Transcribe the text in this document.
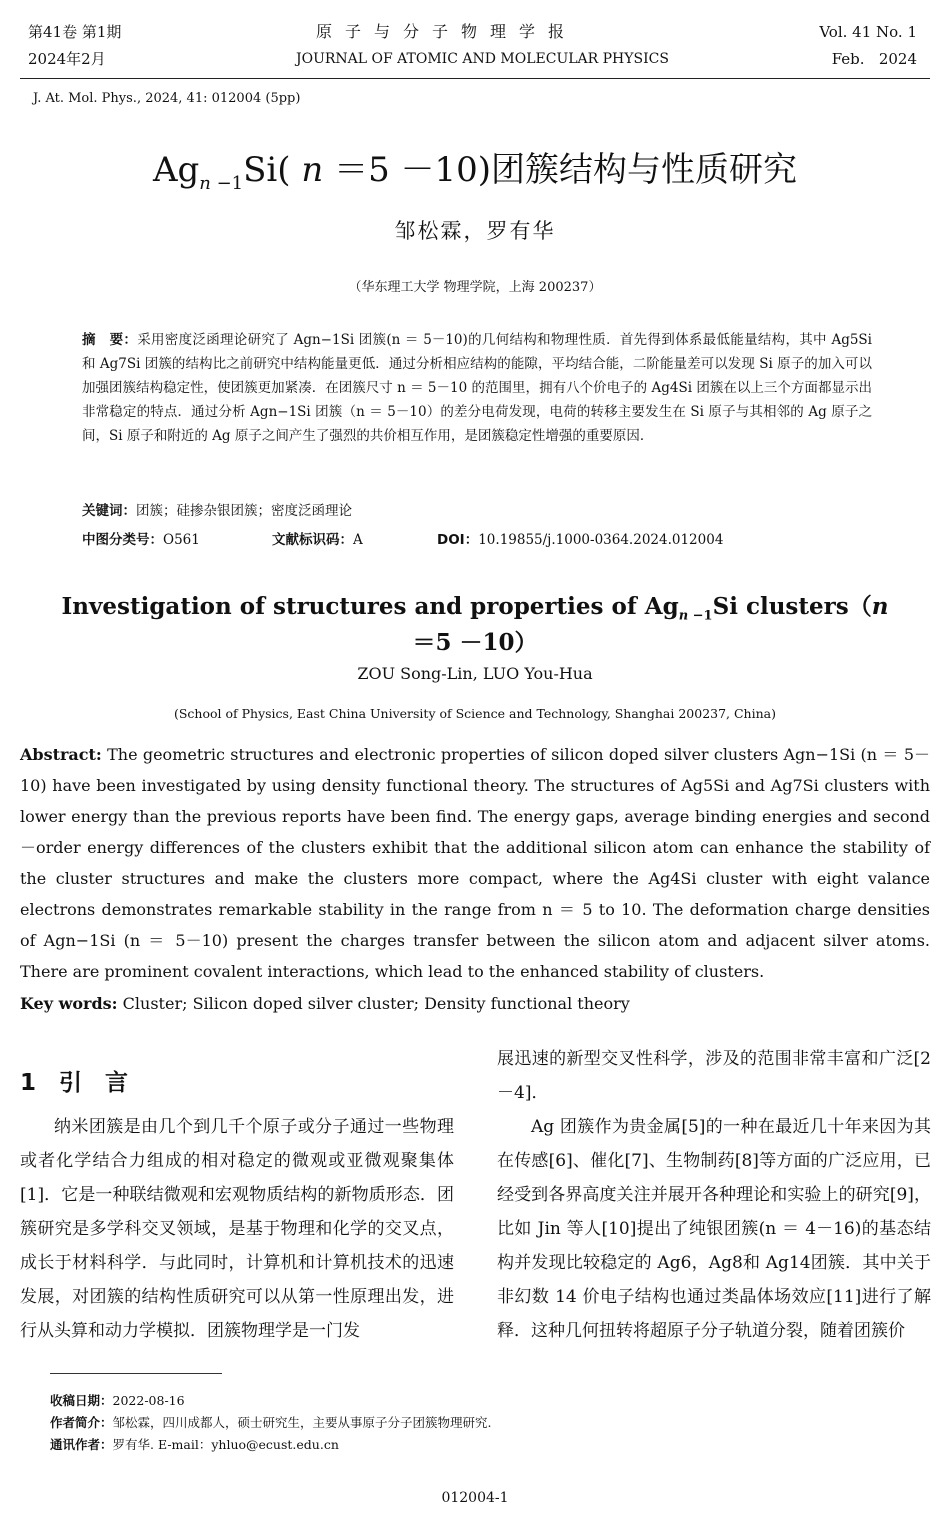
第41卷 第1期
2024年2月
原子与分子物理学报
JOURNAL OF ATOMIC AND MOLECULAR PHYSICS
Vol. 41 No. 1
Feb.   2024
J. At. Mol. Phys., 2024, 41: 012004 (5pp)
$Ag_{n -1}Si$( n ＝5 －10)团簇结构与性质研究
邹松霖，罗有华
（华东理工大学 物理学院，上海 200237）
摘　要：采用密度泛函理论研究了 Agn−1Si 团簇(n ＝ 5－10)的几何结构和物理性质．首先得到体系最低能量结构，其中 Ag5Si 和 Ag7Si 团簇的结构比之前研究中结构能量更低．通过分析相应结构的能隙，平均结合能，二阶能量差可以发现 Si 原子的加入可以加强团簇结构稳定性，使团簇更加紧凑．在团簇尺寸 n ＝ 5－10 的范围里，拥有八个价电子的 Ag4Si 团簇在以上三个方面都显示出非常稳定的特点．通过分析 Agn−1Si 团簇（n ＝ 5－10）的差分电荷发现，电荷的转移主要发生在 Si 原子与其相邻的 Ag 原子之间，Si 原子和附近的 Ag 原子之间产生了强烈的共价相互作用，是团簇稳定性增强的重要原因．
关键词：团簇；硅掺杂银团簇；密度泛函理论
中图分类号：O561	文献标识码：A	DOI：10.19855/j.1000-0364.2024.012004
Investigation of structures and properties of $Ag_{n -1}Si$ clusters（n ＝5 －10）
ZOU Song-Lin, LUO You-Hua
(School of Physics, East China University of Science and Technology, Shanghai 200237, China)
Abstract: The geometric structures and electronic properties of silicon doped silver clusters Agn−1Si (n ＝ 5－10) have been investigated by using density functional theory. The structures of Ag5Si and Ag7Si clusters with lower energy than the previous reports have been find. The energy gaps, average binding energies and second－order energy differences of the clusters exhibit that the additional silicon atom can enhance the stability of the cluster structures and make the clusters more compact, where the Ag4Si cluster with eight valance electrons demonstrates remarkable stability in the range from n ＝ 5 to 10. The deformation charge densities of Agn−1Si (n ＝ 5－10) present the charges transfer between the silicon atom and adjacent silver atoms. There are prominent covalent interactions, which lead to the enhanced stability of clusters.
Key words: Cluster; Silicon doped silver cluster; Density functional theory
1　引　言

纳米团簇是由几个到几千个原子或分子通过一些物理或者化学结合力组成的相对稳定的微观或亚微观聚集体[1]．它是一种联结微观和宏观物质结构的新物质形态．团簇研究是多学科交叉领域，是基于物理和化学的交叉点，成长于材料科学．与此同时，计算机和计算机技术的迅速发展，对团簇的结构性质研究可以从第一性原理出发，进行从头算和动力学模拟．团簇物理学是一门发

展迅速的新型交叉性科学，涉及的范围非常丰富和广泛[2－4]．

Ag 团簇作为贵金属[5]的一种在最近几十年来因为其在传感[6]、催化[7]、生物制药[8]等方面的广泛应用，已经受到各界高度关注并展开各种理论和实验上的研究[9]，比如 Jin 等人[10]提出了纯银团簇(n ＝ 4－16)的基态结构并发现比较稳定的 Ag6，Ag8和 Ag14团簇．其中关于非幻数 14 价电子结构也通过类晶体场效应[11]进行了解释．这种几何扭转将超原子分子轨道分裂，随着团簇价

收稿日期：2022-08-16
作者简介：邹松霖，四川成都人，硕士研究生，主要从事原子分子团簇物理研究.
通讯作者：罗有华. E-mail：yhluo@ecust.edu.cn
012004-1
